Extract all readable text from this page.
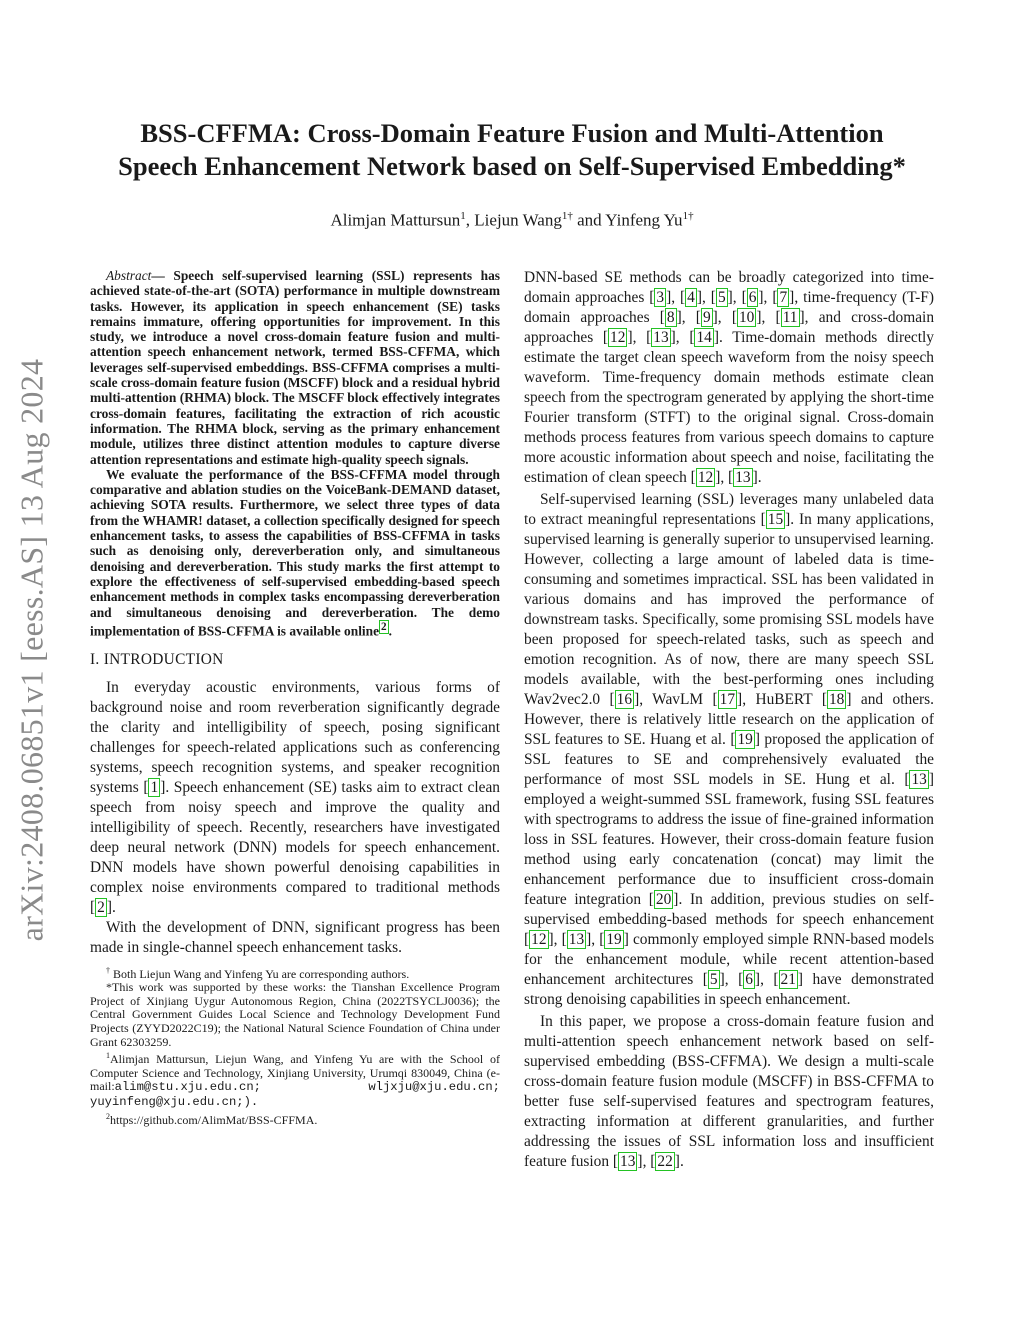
arXiv:2408.06851v1 [eess.AS] 13 Aug 2024
BSS-CFFMA: Cross-Domain Feature Fusion and Multi-Attention
Speech Enhancement Network based on Self-Supervised Embedding*
Alimjan Mattursun$^1$, Liejun Wang$^{1\dagger}$ and Yinfeng $Yu^{1\dagger}$

Abstract— Speech self-supervised learning (SSL) represents has achieved state-of-the-art (SOTA) performance in multiple downstream tasks. However, its application in speech enhancement (SE) tasks remains immature, offering opportunities for improvement. In this study, we introduce a novel cross-domain feature fusion and multi-attention speech enhancement network, termed BSS-CFFMA, which leverages self-supervised embeddings. BSS-CFFMA comprises a multi-scale cross-domain feature fusion (MSCFF) block and a residual hybrid multi-attention (RHMA) block. The MSCFF block effectively integrates cross-domain features, facilitating the extraction of rich acoustic information. The RHMA block, serving as the primary enhancement module, utilizes three distinct attention modules to capture diverse attention representations and estimate high-quality speech signals.

We evaluate the performance of the BSS-CFFMA model through comparative and ablation studies on the VoiceBank-DEMAND dataset, achieving SOTA results. Furthermore, we select three types of data from the WHAMR! dataset, a collection specifically designed for speech enhancement tasks, to assess the capabilities of BSS-CFFMA in tasks such as denoising only, dereverberation only, and simultaneous denoising and dereverberation. This study marks the first attempt to explore the effectiveness of self-supervised embedding-based speech enhancement methods in complex tasks encompassing dereverberation and simultaneous denoising and dereverberation. The demo implementation of BSS-CFFMA is available online $^2$ .

I. INTRODUCTION

In everyday acoustic environments, various forms of background noise and room reverberation significantly degrade the clarity and intelligibility of speech, posing significant challenges for speech-related applications such as conferencing systems, speech recognition systems, and speaker recognition systems [ 1 ]. Speech enhancement (SE) tasks aim to extract clean speech from noisy speech and improve the quality and intelligibility of speech. Recently, researchers have investigated deep neural network (DNN) models for speech enhancement. DNN models have shown powerful denoising capabilities in complex noise environments compared to traditional methods [ 2 ].

With the development of DNN, significant progress has been made in single-channel speech enhancement tasks.

† Both Liejun Wang and Yinfeng Yu are corresponding authors.

*This work was supported by these works: the Tianshan Excellence Program Project of Xinjiang Uygur Autonomous Region, China (2022TSYCLJ0036); the Central Government Guides Local Science and Technology Development Fund Projects (ZYYD2022C19); the National Natural Science Foundation of China under Grant 62303259.

$^1$Alimjan Mattursun, Liejun Wang, and Yinfeng Yu are with the School of Computer Science and Technology, Xinjiang University, Urumqi 830049, China (e-mail:alim@stu.xju.edu.cn; wljxju@xju.edu.cn; yuyinfeng@xju.edu.cn;).

$^2$https://github.com/AlimMat/BSS-CFFMA.

DNN-based SE methods can be broadly categorized into time-domain approaches [ 3 ], [ 4 ], [ 5 ], [ 6 ], [ 7 ], time-frequency (T-F) domain approaches [ 8 ], [ 9 ], [ 10 ], [ 11 ], and cross-domain approaches [ 12 ], [ 13 ], [ 14 ]. Time-domain methods directly estimate the target clean speech waveform from the noisy speech waveform. Time-frequency domain methods estimate clean speech from the spectrogram generated by applying the short-time Fourier transform (STFT) to the original signal. Cross-domain methods process features from various speech domains to capture more acoustic information about speech and noise, facilitating the estimation of clean speech [ 12 ], [ 13 ].

Self-supervised learning (SSL) leverages many unlabeled data to extract meaningful representations [ 15 ]. In many applications, supervised learning is generally superior to unsupervised learning. However, collecting a large amount of labeled data is time-consuming and sometimes impractical. SSL has been validated in various domains and has improved the performance of downstream tasks. Specifically, some promising SSL models have been proposed for speech-related tasks, such as speech and emotion recognition. As of now, there are many speech SSL models available, with the best-performing ones including Wav2vec2.0 [ 16 ], WavLM [ 17 ], HuBERT [ 18 ] and others. However, there is relatively little research on the application of SSL features to SE. Huang et al. [ 19 ] proposed the application of SSL features to SE and comprehensively evaluated the performance of most SSL models in SE. Hung et al. [ 13 ] employed a weight-summed SSL framework, fusing SSL features with spectrograms to address the issue of fine-grained information loss in SSL features. However, their cross-domain feature fusion method using early concatenation (concat) may limit the enhancement performance due to insufficient cross-domain feature integration [ 20 ]. In addition, previous studies on self-supervised embedding-based methods for speech enhancement [ 12 ], [ 13 ], [ 19 ] commonly employed simple RNN-based models for the enhancement module, while recent attention-based enhancement architectures [ 5 ], [ 6 ], [ 21 ] have demonstrated strong denoising capabilities in speech enhancement.

In this paper, we propose a cross-domain feature fusion and multi-attention speech enhancement network based on self-supervised embedding (BSS-CFFMA). We design a multi-scale cross-domain feature fusion module (MSCFF) in BSS-CFFMA to better fuse self-supervised features and spectrogram features, extracting information at different granularities, and further addressing the issues of SSL information loss and insufficient feature fusion [ 13 ], [ 22 ].
